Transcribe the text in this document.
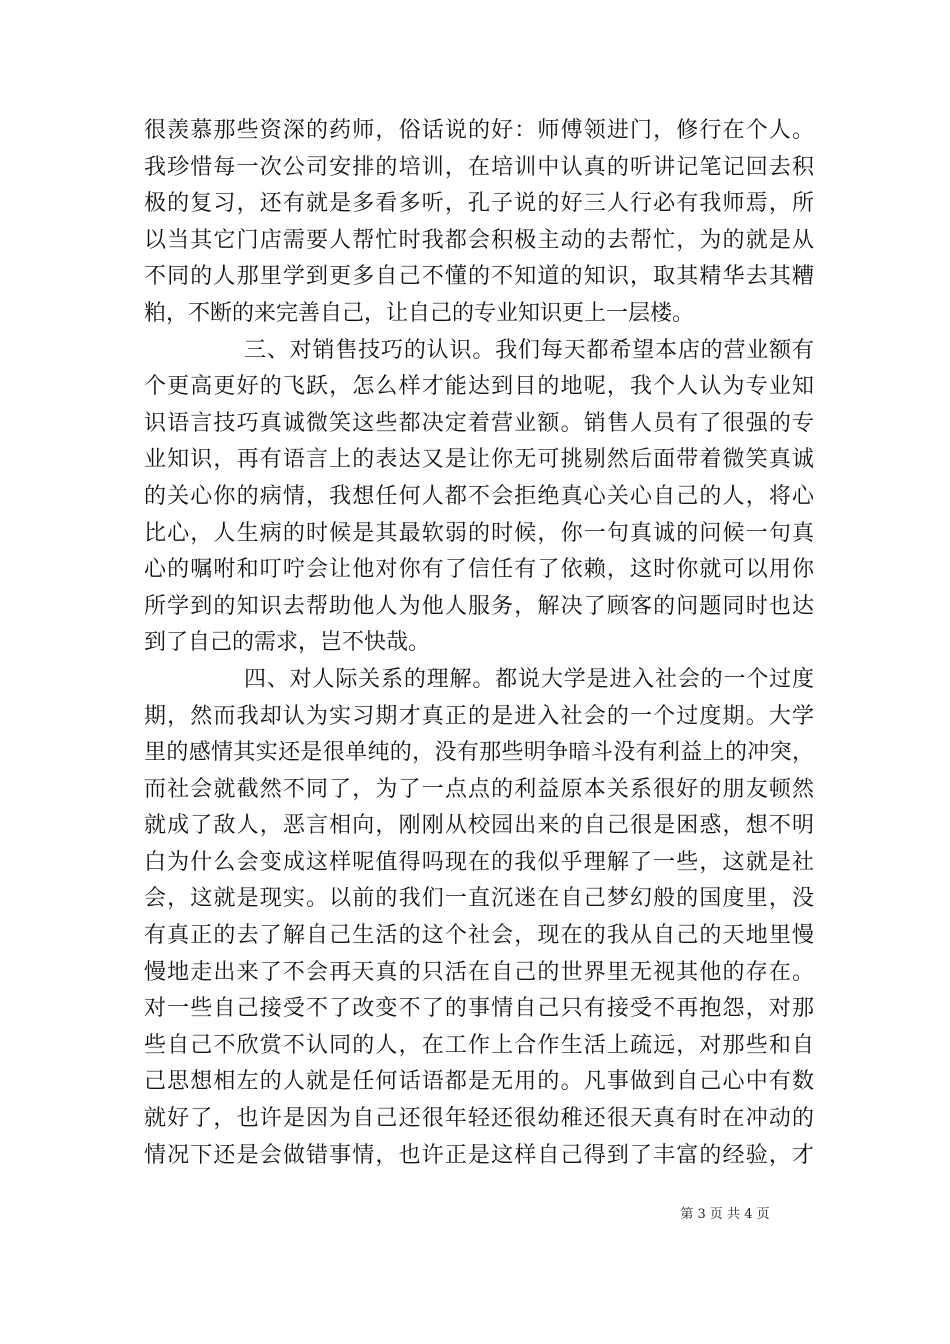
很羡慕那些资深的药师，俗话说的好：师傅领进门，修行在个人。
我珍惜每一次公司安排的培训，在培训中认真的听讲记笔记回去积
极的复习，还有就是多看多听，孔子说的好三人行必有我师焉，所
以当其它门店需要人帮忙时我都会积极主动的去帮忙，为的就是从
不同的人那里学到更多自己不懂的不知道的知识，取其精华去其糟
粕，不断的来完善自己，让自己的专业知识更上一层楼。
三、对销售技巧的认识。我们每天都希望本店的营业额有
个更高更好的飞跃，怎么样才能达到目的地呢，我个人认为专业知
识语言技巧真诚微笑这些都决定着营业额。销售人员有了很强的专
业知识，再有语言上的表达又是让你无可挑剔然后面带着微笑真诚
的关心你的病情，我想任何人都不会拒绝真心关心自己的人，将心
比心，人生病的时候是其最软弱的时候，你一句真诚的问候一句真
心的嘱咐和叮咛会让他对你有了信任有了依赖，这时你就可以用你
所学到的知识去帮助他人为他人服务，解决了顾客的问题同时也达
到了自己的需求，岂不快哉。
四、对人际关系的理解。都说大学是进入社会的一个过度
期，然而我却认为实习期才真正的是进入社会的一个过度期。大学
里的感情其实还是很单纯的，没有那些明争暗斗没有利益上的冲突，
而社会就截然不同了，为了一点点的利益原本关系很好的朋友顿然
就成了敌人，恶言相向，刚刚从校园出来的自己很是困惑，想不明
白为什么会变成这样呢值得吗现在的我似乎理解了一些，这就是社
会，这就是现实。以前的我们一直沉迷在自己梦幻般的国度里，没
有真正的去了解自己生活的这个社会，现在的我从自己的天地里慢
慢地走出来了不会再天真的只活在自己的世界里无视其他的存在。
对一些自己接受不了改变不了的事情自己只有接受不再抱怨，对那
些自己不欣赏不认同的人，在工作上合作生活上疏远，对那些和自
己思想相左的人就是任何话语都是无用的。凡事做到自己心中有数
就好了，也许是因为自己还很年轻还很幼稚还很天真有时在冲动的
情况下还是会做错事情，也许正是这样自己得到了丰富的经验，才
第 3 页 共 4 页
